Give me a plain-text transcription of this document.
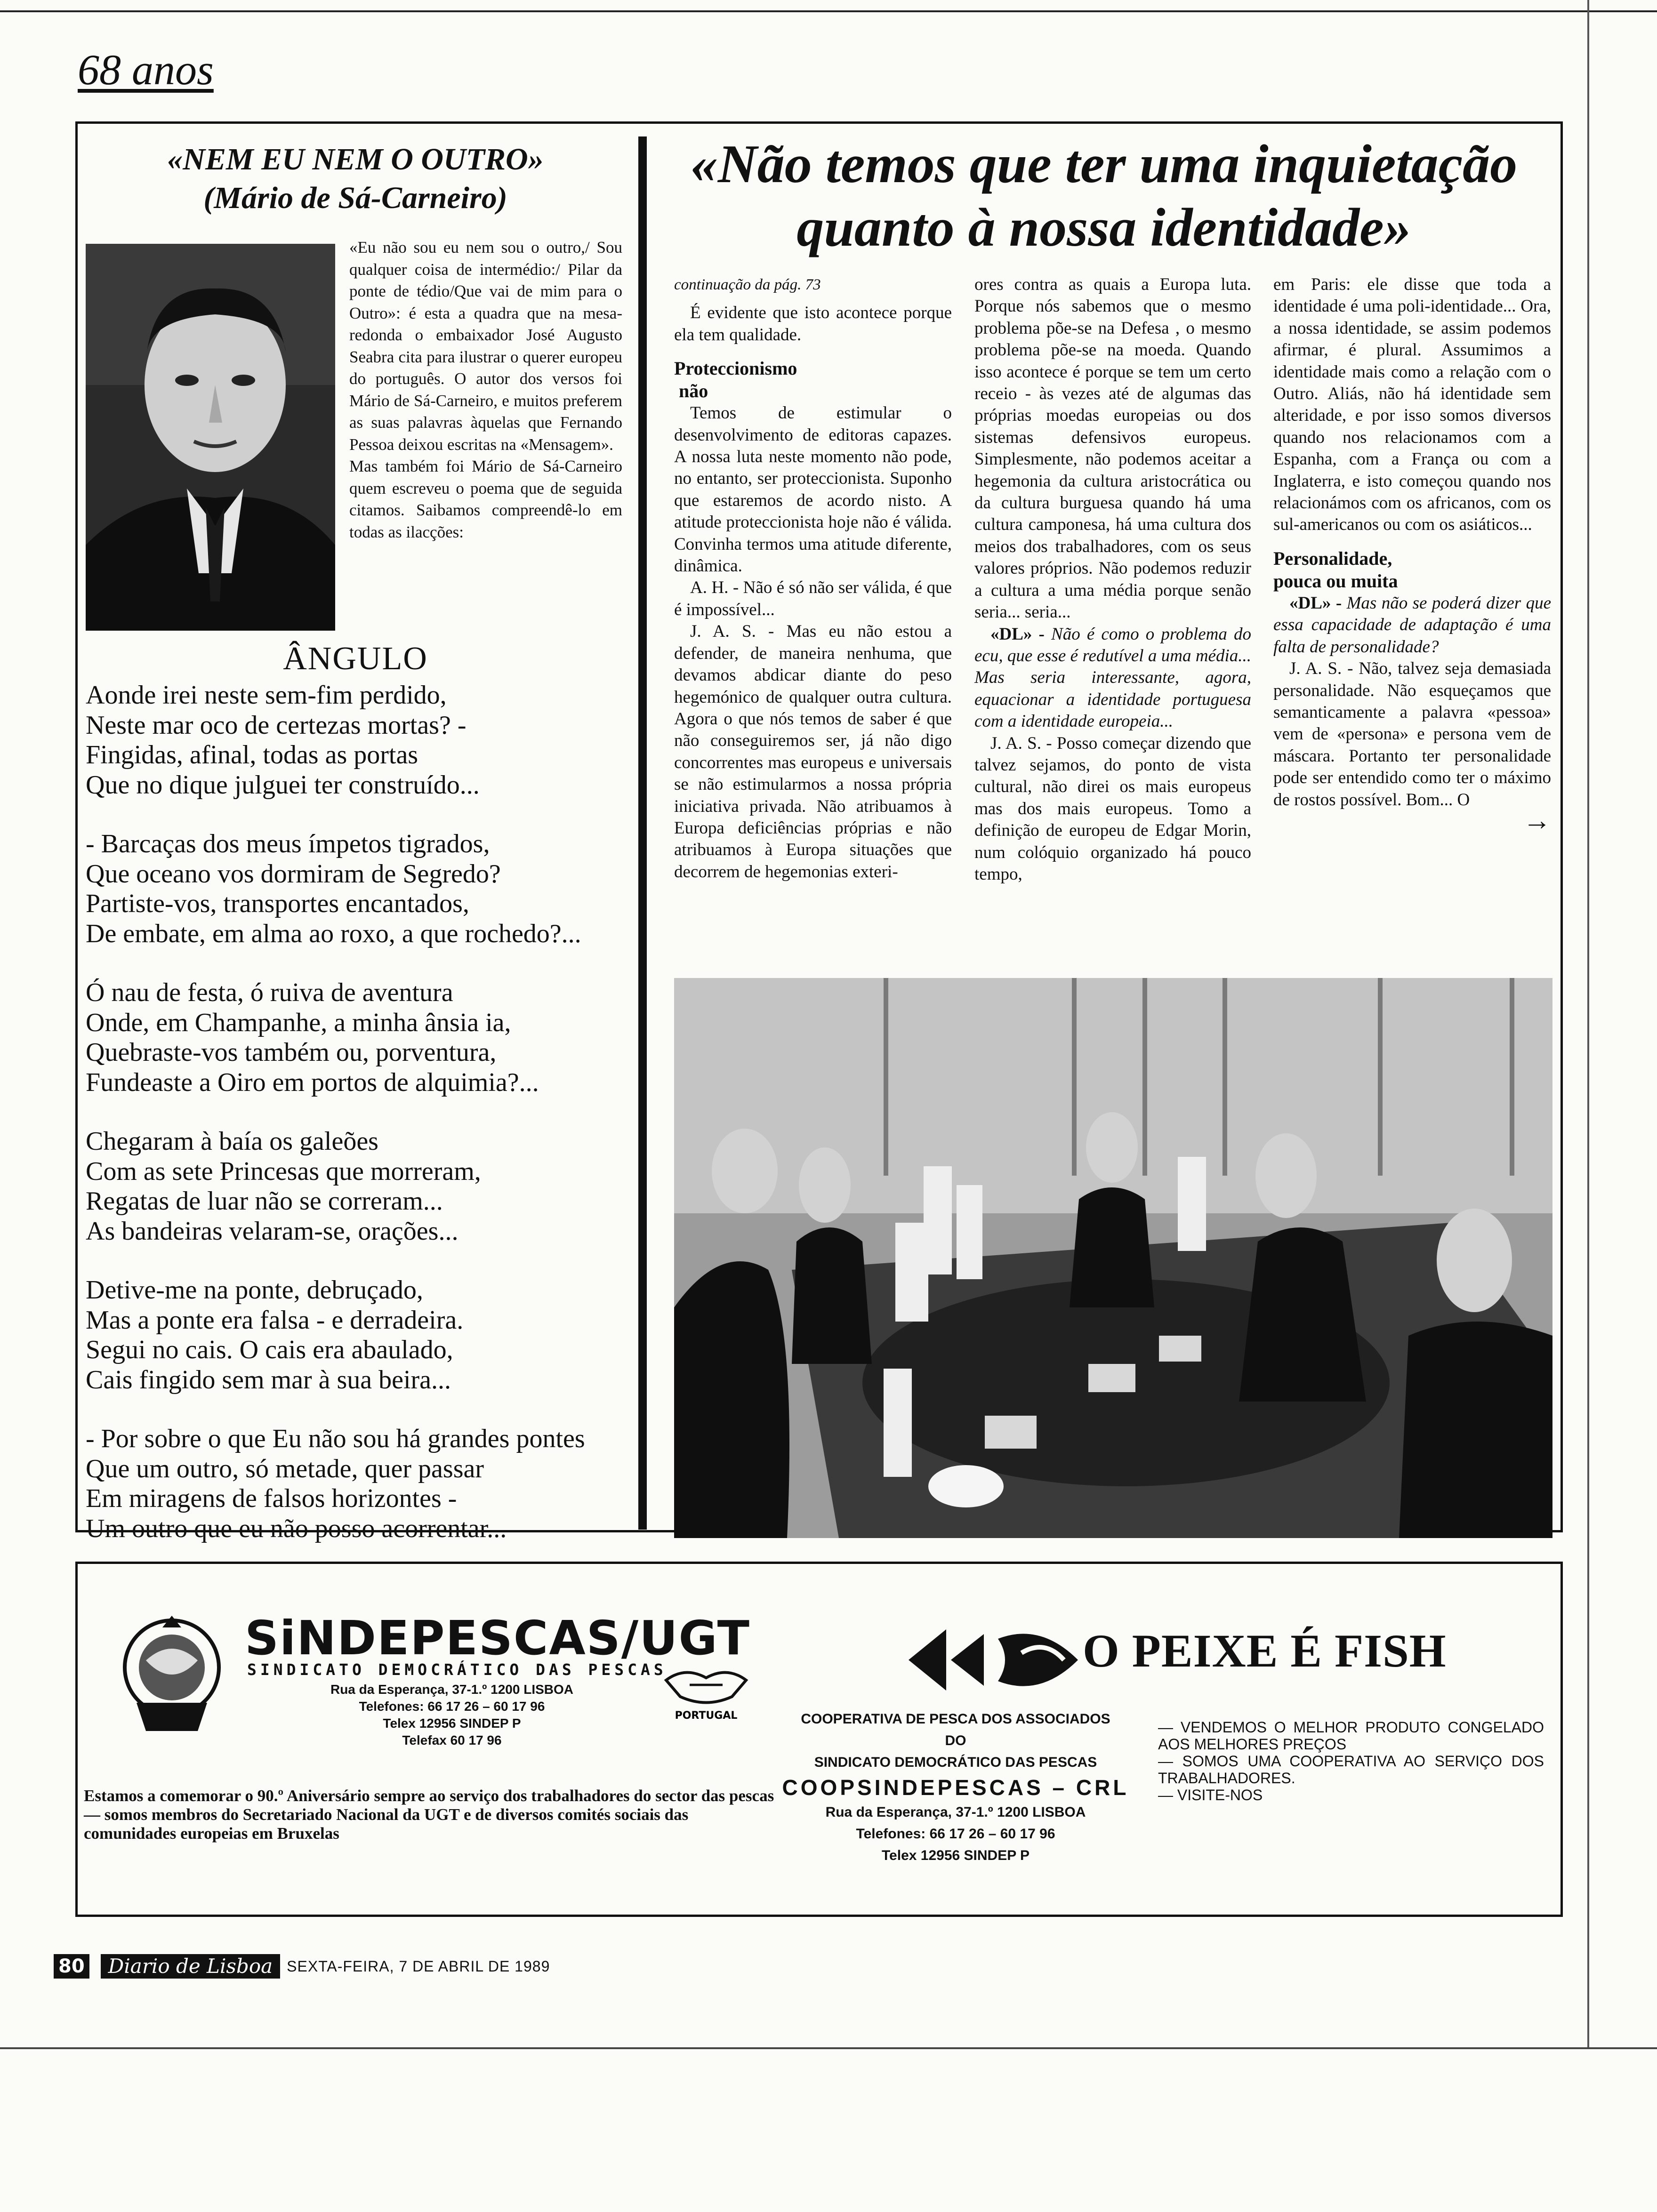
68 anos
«NEM EU NEM O OUTRO»
(Mário de Sá-Carneiro)
«Eu não sou eu nem sou o outro,/ Sou qualquer coisa de intermédio:/ Pilar da ponte de tédio/Que vai de mim para o Outro»: é esta a quadra que na mesa-redonda o embaixador José Augusto Seabra cita para ilustrar o querer europeu do português. O autor dos versos foi Mário de Sá-Carneiro, e muitos preferem as suas palavras àquelas que Fernando Pessoa deixou escritas na «Mensagem».
Mas também foi Mário de Sá-Carneiro quem escreveu o poema que de seguida citamos. Saibamos compreendê-lo em todas as ilacções:
ÂNGULO
Aonde irei neste sem-fim perdido,
Neste mar oco de certezas mortas? -
Fingidas, afinal, todas as portas
Que no dique julguei ter construído...
- Barcaças dos meus ímpetos tigrados,
Que oceano vos dormiram de Segredo?
Partiste-vos, transportes encantados,
De embate, em alma ao roxo, a que rochedo?...
Ó nau de festa, ó ruiva de aventura
Onde, em Champanhe, a minha ânsia ia,
Quebraste-vos também ou, porventura,
Fundeaste a Oiro em portos de alquimia?...
Chegaram à baía os galeões
Com as sete Princesas que morreram,
Regatas de luar não se correram...
As bandeiras velaram-se, orações...
Detive-me na ponte, debruçado,
Mas a ponte era falsa - e derradeira.
Segui no cais. O cais era abaulado,
Cais fingido sem mar à sua beira...
- Por sobre o que Eu não sou há grandes pontes
Que um outro, só metade, quer passar
Em miragens de falsos horizontes -
Um outro que eu não posso acorrentar...
«Não temos que ter uma inquietação
quanto à nossa identidade»

continuação da pág. 73

É evidente que isto acontece porque ela tem qualidade.

Proteccionismo
não

Temos de estimular o desenvolvimento de editoras capazes. A nossa luta neste momento não pode, no entanto, ser proteccionista. Suponho que estaremos de acordo nisto. A atitude proteccionista hoje não é válida. Convinha termos uma atitude diferente, dinâmica.

A. H. - Não é só não ser válida, é que é impossível...

J. A. S. - Mas eu não estou a defender, de maneira nenhuma, que devamos abdicar diante do peso hegemónico de qualquer outra cultura. Agora o que nós temos de saber é que não conseguiremos ser, já não digo concorrentes mas europeus e universais se não estimularmos a nossa própria iniciativa privada. Não atribuamos à Europa deficiências próprias e não atribuamos à Europa situações que decorrem de hegemonias exteri-

ores contra as quais a Europa luta. Porque nós sabemos que o mesmo problema põe-se na Defesa , o mesmo problema põe-se na moeda. Quando isso acontece é porque se tem um certo receio - às vezes até de algumas das próprias moedas europeias ou dos sistemas defensivos europeus. Simplesmente, não podemos aceitar a hegemonia da cultura aristocrática ou da cultura burguesa quando há uma cultura camponesa, há uma cultura dos meios dos trabalhadores, com os seus valores próprios. Não podemos reduzir a cultura a uma média porque senão seria... seria...

«DL» - Não é como o problema do ecu, que esse é redutível a uma média... Mas seria interessante, agora, equacionar a identidade portuguesa com a identidade europeia...

J. A. S. - Posso começar dizendo que talvez sejamos, do ponto de vista cultural, não direi os mais europeus mas dos mais europeus. Tomo a definição de europeu de Edgar Morin, num colóquio organizado há pouco tempo,

em Paris: ele disse que toda a identidade é uma poli-identidade... Ora, a nossa identidade, se assim podemos afirmar, é plural. Assumimos a identidade mais como a relação com o Outro. Aliás, não há identidade sem alteridade, e por isso somos diversos quando nos relacionamos com a Espanha, com a França ou com a Inglaterra, e isto começou quando nos relacionámos com os africanos, com os sul-americanos ou com os asiáticos...

Personalidade,
pouca ou muita

«DL» - Mas não se poderá dizer que essa capacidade de adaptação é uma falta de personalidade?

J. A. S. - Não, talvez seja demasiada personalidade. Não esqueçamos que semanticamente a palavra «pessoa» vem de «persona» e persona vem de máscara. Portanto ter personalidade pode ser entendido como ter o máximo de rostos possível. Bom... O
→

SiNDEPESCAS/UGT
SINDICATO DEMOCRÁTICO DAS PESCAS
Rua da Esperança, 37-1.º 1200 LISBOA
Telefones: 66 17 26 – 60 17 96
Telex 12956 SINDEP P
Telefax 60 17 96
PORTUGAL
Estamos a comemorar o 90.º Aniversário sempre ao serviço dos trabalhadores do sector das pescas — somos membros do Secretariado Nacional da UGT e de diversos comités sociais das comunidades europeias em Bruxelas
O PEIXE É FISH
COOPERATIVA DE PESCA DOS ASSOCIADOS
DO
SINDICATO DEMOCRÁTICO DAS PESCAS
COOPSINDEPESCAS – CRL
Rua da Esperança, 37-1.º 1200 LISBOA
Telefones: 66 17 26 – 60 17 96
Telex 12956 SINDEP P

— VENDEMOS O MELHOR PRODUTO CONGELADO AOS MELHORES PREÇOS

— SOMOS UMA COOPERATIVA AO SERVIÇO DOS TRABALHADORES.

— VISITE-NOS

80	Diario de Lisboa SEXTA-FEIRA, 7 DE ABRIL DE 1989
